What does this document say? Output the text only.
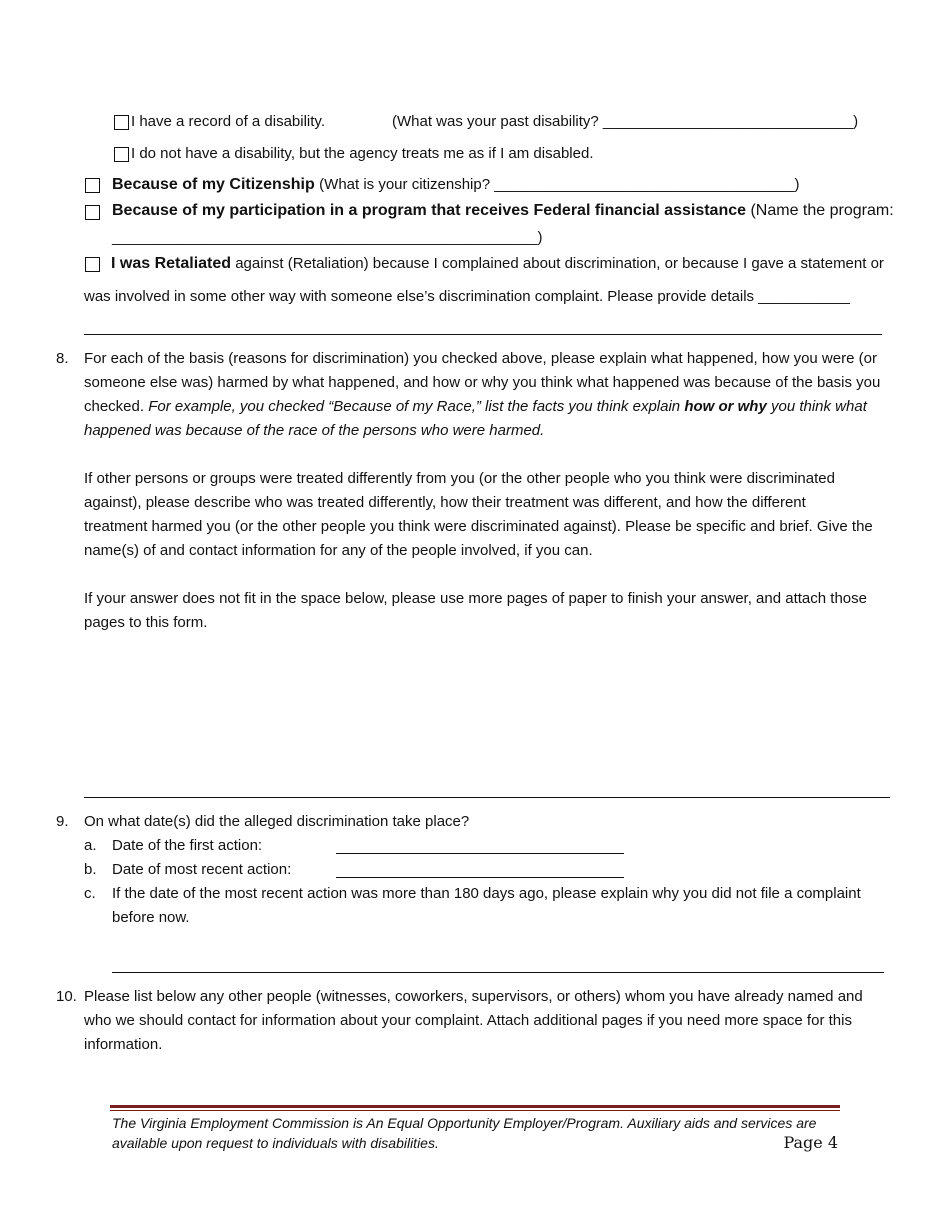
I have a record of a disability.	(What was your past disability? ______________________________)
I do not have a disability, but the agency treats me as if I am disabled.
Because of my Citizenship (What is your citizenship? ____________________________________)
Because of my participation in a program that receives Federal financial assistance (Name the program:
___________________________________________________)
I was Retaliated against (Retaliation) because I complained about discrimination, or because I gave a statement or
was involved in some other way with someone else’s discrimination complaint. Please provide details ___________
8. For each of the basis (reasons for discrimination) you checked above, please explain what happened, how you were (or
someone else was) harmed by what happened, and how or why you think what happened was because of the basis you
checked. For example, you checked “Because of my Race,” list the facts you think explain how or why you think what
happened was because of the race of the persons who were harmed.
If other persons or groups were treated differently from you (or the other people who you think were discriminated
against), please describe who was treated differently, how their treatment was different, and how the different
treatment harmed you (or the other people you think were discriminated against). Please be specific and brief. Give the
name(s) of and contact information for any of the people involved, if you can.
If your answer does not fit in the space below, please use more pages of paper to finish your answer, and attach those
pages to this form.
9. On what date(s) did the alleged discrimination take place?
a. Date of the first action:
b. Date of most recent action:
c. If the date of the most recent action was more than 180 days ago, please explain why you did not file a complaint
before now.
10. Please list below any other people (witnesses, coworkers, supervisors, or others) whom you have already named and
who we should contact for information about your complaint. Attach additional pages if you need more space for this
information.
The Virginia Employment Commission is An Equal Opportunity Employer/Program. Auxiliary aids and services are
available upon request to individuals with disabilities.	Page 4
